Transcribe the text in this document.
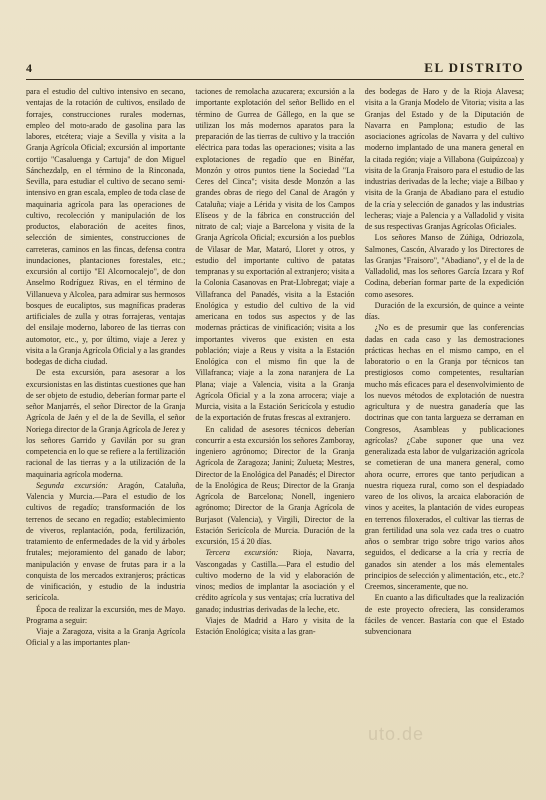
4	EL DISTRITO

para el estudio del cultivo intensivo en secano, ventajas de la rotación de cultivos, ensilado de forrajes, construcciones rurales modernas, empleo del moto-arado de gasolina para las labores, etcétera; viaje a Sevilla y visita a la Granja Agrícola Oficial; excursión al importante cortijo "Casaluenga y Cartuja" de don Miguel Sánchezdalp, en el término de la Rinconada, Sevilla, para estudiar el cultivo de secano semi-intensivo en gran escala, empleo de toda clase de maquinaria agrícola para las operaciones de cultivo, recolección y manipulación de los productos, elaboración de aceites finos, selección de simientes, construcciones de carreteras, caminos en las fincas, defensa contra inundaciones, plantaciones forestales, etc.; excursión al cortijo "El Alcornocalejo", de don Anselmo Rodríguez Rivas, en el término de Villanueva y Alcolea, para admirar sus hermosos bosques de eucaliptos, sus magníficas praderas artificiales de zulla y otras forrajeras, ventajas del ensilaje moderno, laboreo de las tierras con automotor, etc., y, por último, viaje a Jerez y visita a la Granja Agrícola Oficial y a las grandes bodegas de dicha ciudad.

De esta excursión, para asesorar a los excursionistas en las distintas cuestiones que han de ser objeto de estudio, deberían formar parte el señor Manjarrés, el señor Director de la Granja Agrícola de Jaén y el de la de Sevilla, el señor Noriega director de la Granja Agrícola de Jerez y los señores Garrido y Gavilán por su gran competencia en lo que se refiere a la fertilización racional de las tierras y a la utilización de la maquinaria agrícola moderna.

Segunda excursión: Aragón, Cataluña, Valencia y Murcia.—Para el estudio de los cultivos de regadío; transformación de los terrenos de secano en regadío; establecimiento de viveros, replantación, poda, fertilización, tratamiento de enfermedades de la vid y árboles frutales; mejoramiento del ganado de labor; manipulación y envase de frutas para ir a la conquista de los mercados extranjeros; prácticas de vinificación, y estudio de la industria sericícola.

Época de realizar la excursión, mes de Mayo. Programa a seguir:

Viaje a Zaragoza, visita a la Granja Agrícola Oficial y a las importantes plan-

taciones de remolacha azucarera; excursión a la importante explotación del señor Bellido en el término de Gurrea de Gállego, en la que se utilizan los más modernos aparatos para la preparación de las tierras de cultivo y la tracción eléctrica para todas las operaciones; visita a las explotaciones de regadío que en Binéfar, Monzón y otros puntos tiene la Sociedad "La Ceres del Cinca"; visita desde Monzón a las grandes obras de riego del Canal de Aragón y Cataluña; viaje a Lérida y visita de los Campos Elíseos y de la fábrica en construcción del nitrato de cal; viaje a Barcelona y visita de la Granja Agrícola Oficial; excursión a los pueblos de Vilasar de Mar, Mataró, Lloret y otros, y estudio del importante cultivo de patatas tempranas y su exportación al extranjero; visita a la Colonia Casanovas en Prat-Llobregat; viaje a Villafranca del Panadés, visita a la Estación Enológica y estudio del cultivo de la vid americana en todos sus aspectos y de las modernas prácticas de vinificación; visita a los importantes viveros que existen en esta población; viaje a Reus y visita a la Estación Enológica con el mismo fin que la de Villafranca; viaje a la zona naranjera de La Plana; viaje a Valencia, visita a la Granja Agrícola Oficial y a la zona arrocera; viaje a Murcia, visita a la Estación Sericícola y estudio de la exportación de frutas frescas al extranjero.

En calidad de asesores técnicos deberían concurrir a esta excursión los señores Zamboray, ingeniero agrónomo; Director de la Granja Agrícola de Zaragoza; Janini; Zulueta; Mestres, Director de la Enológica del Panadés; el Director de la Enológica de Reus; Director de la Granja Agrícola de Barcelona; Nonell, ingeniero agrónomo; Director de la Granja Agrícola de Burjasot (Valencia), y Virgili, Director de la Estación Sericícola de Murcia. Duración de la excursión, 15 á 20 días.

Tercera excursión: Rioja, Navarra, Vascongadas y Castilla.—Para el estudio del cultivo moderno de la vid y elaboración de vinos; medios de implantar la asociación y el crédito agrícola y sus ventajas; cría lucrativa del ganado; industrias derivadas de la leche, etc.

Viajes de Madrid a Haro y visita de la Estación Enológica; visita a las gran-

des bodegas de Haro y de la Rioja Alavesa; visita a la Granja Modelo de Vitoria; visita a las Granjas del Estado y de la Diputación de Navarra en Pamplona; estudio de las asociaciones agrícolas de Navarra y del cultivo moderno implantado de una manera general en la citada región; viaje a Villabona (Guipúzcoa) y visita de la Granja Fraisoro para el estudio de las industrias derivadas de la leche; viaje a Bilbao y visita de la Granja de Abadiano para el estudio de la cría y selección de ganados y las industrias lecheras; viaje a Palencia y a Valladolid y visita de sus respectivas Granjas Agrícolas Oficiales.

Los señores Manso de Zúñiga, Odriozola, Salmones, Cascón, Alvarado y los Directores de las Granjas "Fraisoro", "Abadiano", y el de la de Valladolid, mas los señores García Izcara y Rof Codina, deberían formar parte de la expedición como asesores.

Duración de la excursión, de quince a veinte días.

¿No es de presumir que las conferencias dadas en cada caso y las demostraciones prácticas hechas en el mismo campo, en el laboratorio o en la Granja por técnicos tan prestigiosos como competentes, resultarían mucho más eficaces para el desenvolvimiento de los nuevos métodos de explotación de nuestra agricultura y de nuestra ganadería que las doctrinas que con tanta largueza se derraman en Congresos, Asambleas y publicaciones agrícolas? ¿Cabe suponer que una vez generalizada esta labor de vulgarización agrícola se cometieran de una manera general, como ahora ocurre, errores que tanto perjudican a nuestra riqueza rural, como son el despiadado vareo de los olivos, la arcaica elaboración de vinos y aceites, la plantación de vides europeas en terrenos filoxerados, el cultivar las tierras de gran fertilidad una sola vez cada tres o cuatro años o sembrar trigo sobre trigo varios años seguidos, el dedicarse a la cría y recría de ganados sin atender a los más elementales principios de selección y alimentación, etc., etc.? Creemos, sinceramente, que no.

En cuanto a las dificultades que la realización de este proyecto ofreciera, las consideramos fáciles de vencer. Bastaría con que el Estado subvencionara

uto.de
